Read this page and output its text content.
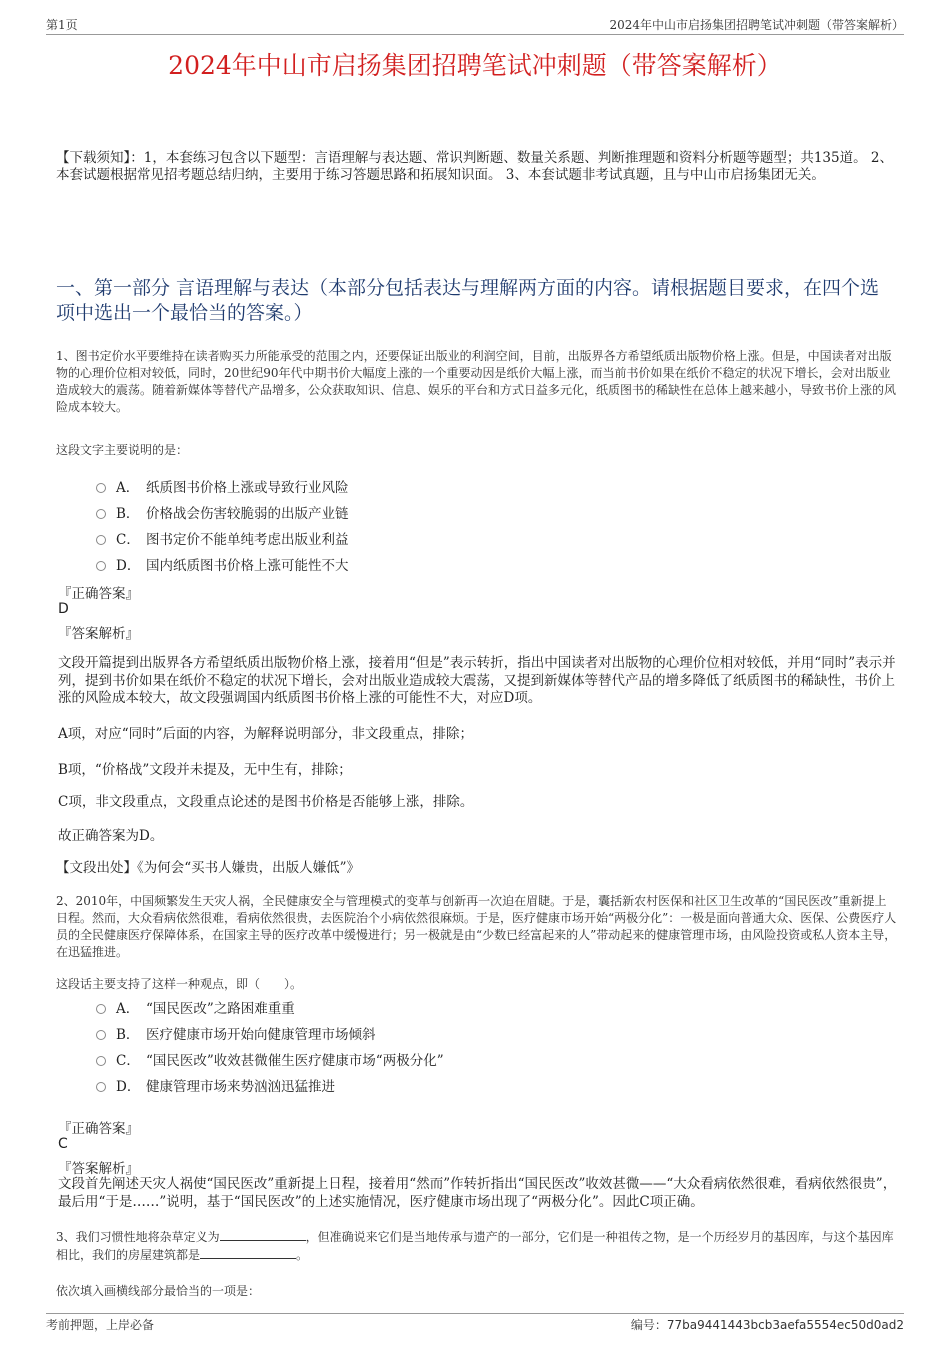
第1页	2024年中山市启扬集团招聘笔试冲刺题（带答案解析）
2024年中山市启扬集团招聘笔试冲刺题（带答案解析）
【下载须知】：1，本套练习包含以下题型：言语理解与表达题、常识判断题、数量关系题、判断推理题和资料分析题等题型；共135道。 2、本套试题根据常见招考题总结归纳，主要用于练习答题思路和拓展知识面。 3、本套试题非考试真题，且与中山市启扬集团无关。
一、第一部分 言语理解与表达（本部分包括表达与理解两方面的内容。请根据题目要求，在四个选项中选出一个最恰当的答案。）
1、图书定价水平要维持在读者购买力所能承受的范围之内，还要保证出版业的利润空间，目前，出版界各方希望纸质出版物价格上涨。但是，中国读者对出版物的心理价位相对较低，同时，20世纪90年代中期书价大幅度上涨的一个重要动因是纸价大幅上涨，而当前书价如果在纸价不稳定的状况下增长，会对出版业造成较大的震荡。随着新媒体等替代产品增多，公众获取知识、信息、娱乐的平台和方式日益多元化，纸质图书的稀缺性在总体上越来越小，导致书价上涨的风险成本较大。
这段文字主要说明的是：
A． 纸质图书价格上涨或导致行业风险
B． 价格战会伤害较脆弱的出版产业链
C． 图书定价不能单纯考虑出版业利益
D． 国内纸质图书价格上涨可能性不大
『正确答案』
D
『答案解析』
文段开篇提到出版界各方希望纸质出版物价格上涨，接着用“但是”表示转折，指出中国读者对出版物的心理价位相对较低，并用“同时”表示并列，提到书价如果在纸价不稳定的状况下增长，会对出版业造成较大震荡，又提到新媒体等替代产品的增多降低了纸质图书的稀缺性，书价上涨的风险成本较大，故文段强调国内纸质图书价格上涨的可能性不大，对应D项。
A项，对应“同时”后面的内容，为解释说明部分，非文段重点，排除；
B项，“价格战”文段并未提及，无中生有，排除；
C项，非文段重点，文段重点论述的是图书价格是否能够上涨，排除。
故正确答案为D。
【文段出处】《为何会“买书人嫌贵，出版人嫌低”》
2、2010年，中国频繁发生天灾人祸，全民健康安全与管理模式的变革与创新再一次迫在眉睫。于是，囊括新农村医保和社区卫生改革的“国民医改”重新提上日程。然而，大众看病依然很难，看病依然很贵，去医院治个小病依然很麻烦。于是，医疗健康市场开始“两极分化”：一极是面向普通大众、医保、公费医疗人员的全民健康医疗保障体系，在国家主导的医疗改革中缓慢进行；另一极就是由“少数已经富起来的人”带动起来的健康管理市场，由风险投资或私人资本主导，在迅猛推进。
这段话主要支持了这样一种观点，即（　　）。
A． “国民医改”之路困难重重
B． 医疗健康市场开始向健康管理市场倾斜
C． “国民医改”收效甚微催生医疗健康市场“两极分化”
D． 健康管理市场来势汹汹迅猛推进
『正确答案』
C
『答案解析』
文段首先阐述天灾人祸使“国民医改”重新提上日程，接着用“然而”作转折指出“国民医改”收效甚微——“大众看病依然很难，看病依然很贵”，最后用“于是……”说明，基于“国民医改”的上述实施情况，医疗健康市场出现了“两极分化”。因此C项正确。
3、我们习惯性地将杂草定义为	，但准确说来它们是当地传承与遗产的一部分，它们是一种祖传之物，是一个历经岁月的基因库，与这个基因库相比，我们的房屋建筑都是	。
依次填入画横线部分最恰当的一项是：
考前押题，上岸必备	编号：77ba9441443bcb3aefa5554ec50d0ad2
